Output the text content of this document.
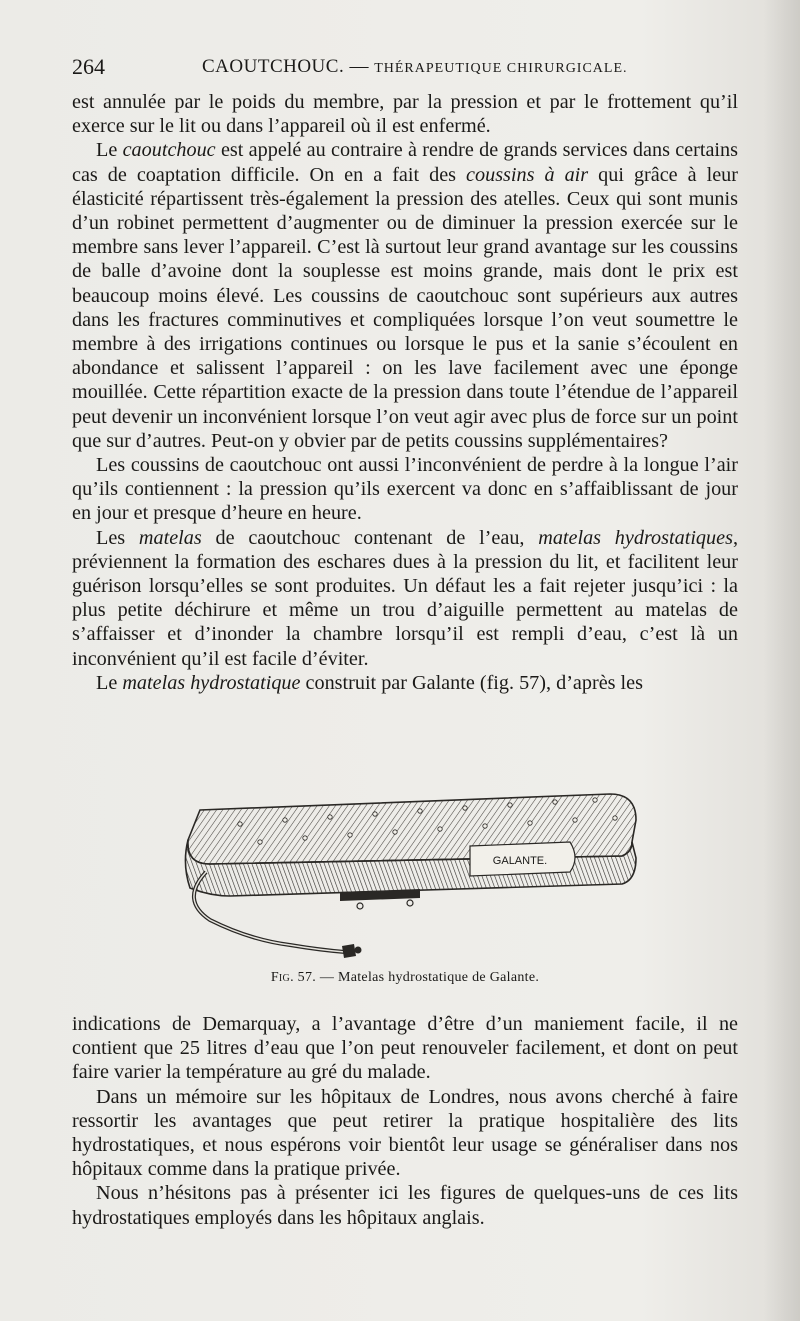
264	CAOUTCHOUC. — THÉRAPEUTIQUE CHIRURGICALE.

est annulée par le poids du membre, par la pression et par le frottement qu’il exerce sur le lit ou dans l’appareil où il est enfermé.

Le caoutchouc est appelé au contraire à rendre de grands services dans certains cas de coaptation difficile. On en a fait des coussins à air qui grâce à leur élasticité répartissent très-également la pression des atelles. Ceux qui sont munis d’un robinet permettent d’augmenter ou de diminuer la pression exercée sur le membre sans lever l’appareil. C’est là surtout leur grand avantage sur les coussins de balle d’avoine dont la souplesse est moins grande, mais dont le prix est beaucoup moins élevé. Les coussins de caoutchouc sont supérieurs aux autres dans les fractures comminutives et compliquées lorsque l’on veut soumettre le membre à des irrigations continues ou lorsque le pus et la sanie s’écoulent en abondance et salissent l’appareil : on les lave facilement avec une éponge mouillée. Cette répartition exacte de la pression dans toute l’étendue de l’appareil peut devenir un inconvénient lorsque l’on veut agir avec plus de force sur un point que sur d’autres. Peut-on y obvier par de petits coussins supplémentaires?

Les coussins de caoutchouc ont aussi l’inconvénient de perdre à la longue l’air qu’ils contiennent : la pression qu’ils exercent va donc en s’affaiblissant de jour en jour et presque d’heure en heure.

Les matelas de caoutchouc contenant de l’eau, matelas hydrostatiques, préviennent la formation des eschares dues à la pression du lit, et facilitent leur guérison lorsqu’elles se sont produites. Un défaut les a fait rejeter jusqu’ici : la plus petite déchirure et même un trou d’aiguille permettent au matelas de s’affaisser et d’inonder la chambre lorsqu’il est rempli d’eau, c’est là un inconvénient qu’il est facile d’éviter.

Le matelas hydrostatique construit par Galante (fig. 57), d’après les

GALANTE.
Fig. 57. — Matelas hydrostatique de Galante.

indications de Demarquay, a l’avantage d’être d’un maniement facile, il ne contient que 25 litres d’eau que l’on peut renouveler facilement, et dont on peut faire varier la température au gré du malade.

Dans un mémoire sur les hôpitaux de Londres, nous avons cherché à faire ressortir les avantages que peut retirer la pratique hospitalière des lits hydrostatiques, et nous espérons voir bientôt leur usage se généraliser dans nos hôpitaux comme dans la pratique privée.

Nous n’hésitons pas à présenter ici les figures de quelques-uns de ces lits hydrostatiques employés dans les hôpitaux anglais.
